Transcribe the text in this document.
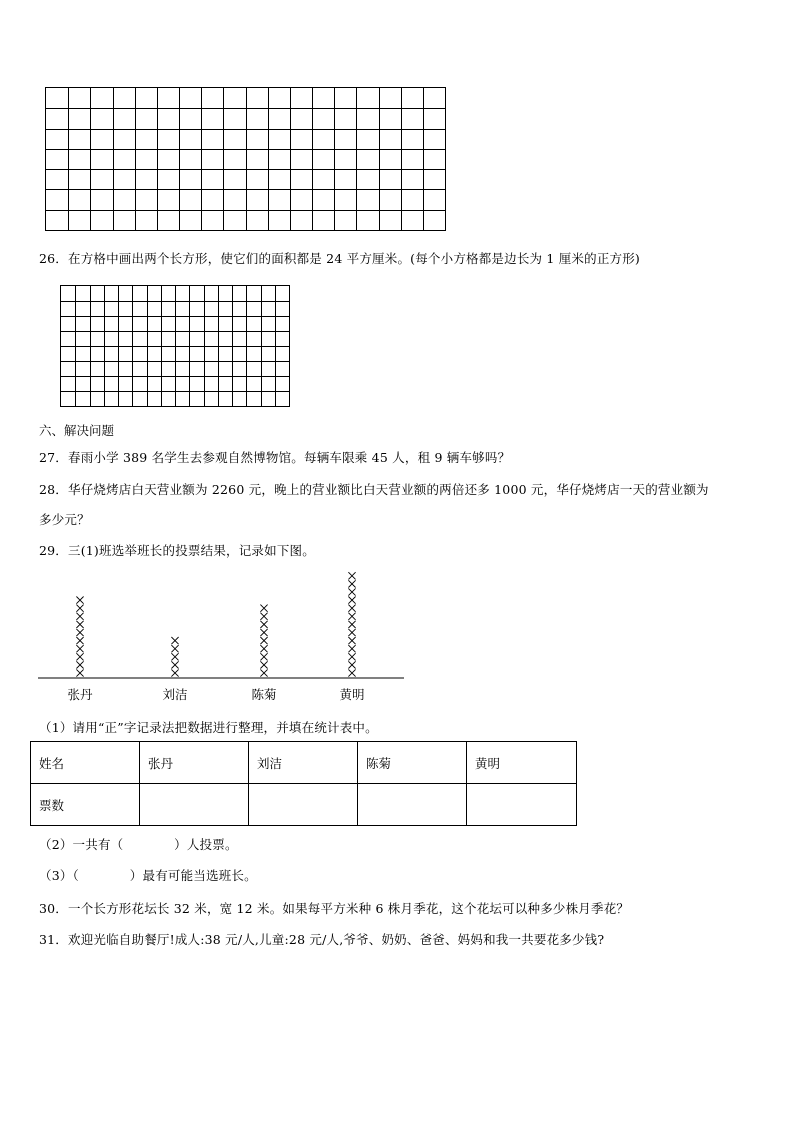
26．在方格中画出两个长方形，使它们的面积都是 24 平方厘米。(每个小方格都是边长为 1 厘米的正方形)
六、解决问题
27．春雨小学 389 名学生去参观自然博物馆。每辆车限乘 45 人，租 9 辆车够吗？
28．华仔烧烤店白天营业额为 2260 元，晚上的营业额比白天营业额的两倍还多 1000 元，华仔烧烤店一天的营业额为
多少元？
29．三(1)班选举班长的投票结果，记录如下图。
张丹	刘洁	陈菊	黄明
（1）请用“正”字记录法把数据进行整理，并填在统计表中。
姓名	张丹	刘洁	陈菊	黄明
票数				
（2）一共有（　　　　）人投票。
（3）（　　　　）最有可能当选班长。
30．一个长方形花坛长 32 米，宽 12 米。如果每平方米种 6 株月季花，这个花坛可以种多少株月季花？
31．欢迎光临自助餐厅!成人:38 元/人,儿童:28 元/人,爷爷、奶奶、爸爸、妈妈和我一共要花多少钱?
